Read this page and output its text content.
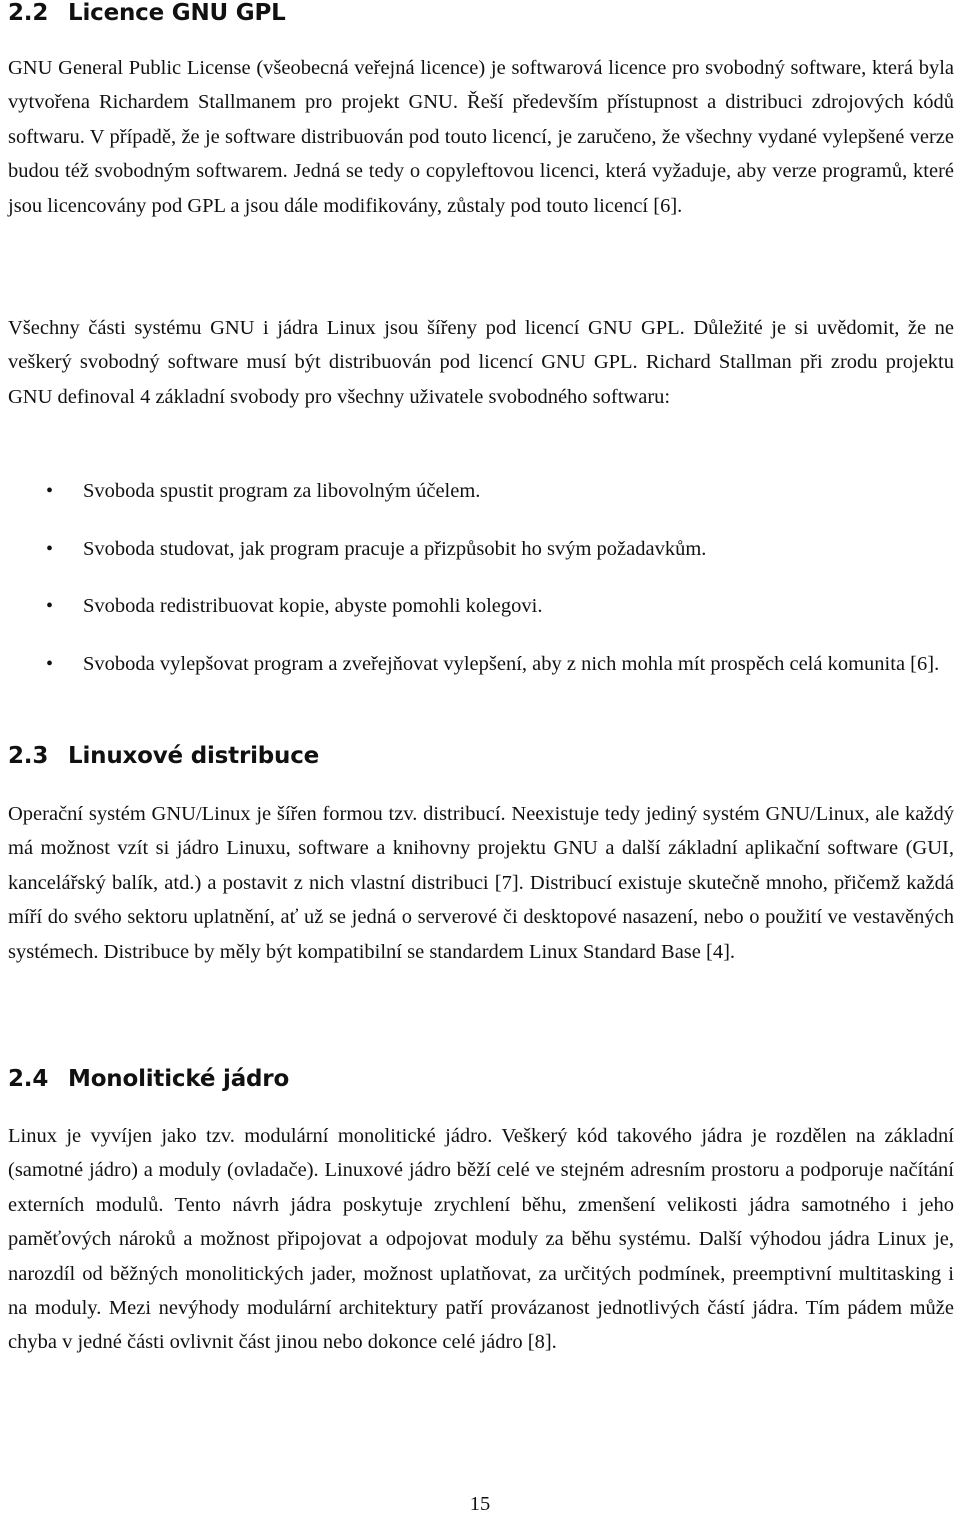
2.2 Licence GNU GPL

GNU General Public License (všeobecná veřejná licence) je softwarová licence pro svobodný software, která byla vytvořena Richardem Stallmanem pro projekt GNU. Řeší především přístupnost a distribuci zdrojových kódů softwaru. V případě, že je software distribuován pod touto licencí, je zaručeno, že všechny vydané vylepšené verze budou též svobodným softwarem. Jedná se tedy o copyleftovou licenci, která vyžaduje, aby verze programů, které jsou licencovány pod GPL a jsou dále modifikovány, zůstaly pod touto licencí [6].

Všechny části systému GNU i jádra Linux jsou šířeny pod licencí GNU GPL. Důležité je si uvědomit, že ne veškerý svobodný software musí být distribuován pod licencí GNU GPL. Richard Stallman při zrodu projektu GNU definoval 4 základní svobody pro všechny uživatele svobodného softwaru:

• Svoboda spustit program za libovolným účelem.
• Svoboda studovat, jak program pracuje a přizpůsobit ho svým požadavkům.
• Svoboda redistribuovat kopie, abyste pomohli kolegovi.
• Svoboda vylepšovat program a zveřejňovat vylepšení, aby z nich mohla mít prospěch celá komunita [6].
2.3 Linuxové distribuce

Operační systém GNU/Linux je šířen formou tzv. distribucí. Neexistuje tedy jediný systém GNU/Linux, ale každý má možnost vzít si jádro Linuxu, software a knihovny projektu GNU a další základní aplikační software (GUI, kancelářský balík, atd.) a postavit z nich vlastní distribuci [7]. Distribucí existuje skutečně mnoho, přičemž každá míří do svého sektoru uplatnění, ať už se jedná o serverové či desktopové nasazení, nebo o použití ve vestavěných systémech. Distribuce by měly být kompatibilní se standardem Linux Standard Base [4].

2.4 Monolitické jádro

Linux je vyvíjen jako tzv. modulární monolitické jádro. Veškerý kód takového jádra je rozdělen na základní (samotné jádro) a moduly (ovladače). Linuxové jádro běží celé ve stejném adresním prostoru a podporuje načítání externích modulů. Tento návrh jádra poskytuje zrychlení běhu, zmenšení velikosti jádra samotného i jeho paměťových nároků a možnost připojovat a odpojovat moduly za běhu systému. Další výhodou jádra Linux je, narozdíl od běžných monolitických jader, možnost uplatňovat, za určitých podmínek, preemptivní multitasking i na moduly. Mezi nevýhody modulární architektury patří provázanost jednotlivých částí jádra. Tím pádem může chyba v jedné části ovlivnit část jinou nebo dokonce celé jádro [8].

15
